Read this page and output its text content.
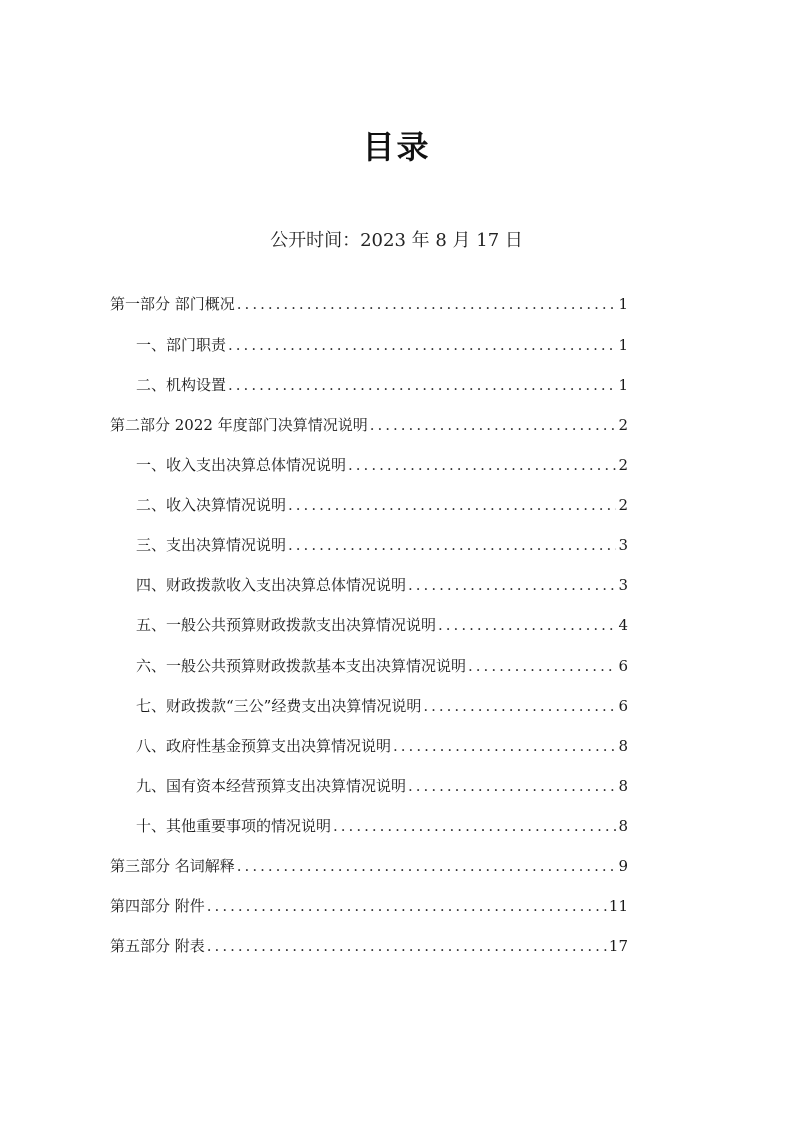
目录
公开时间：2023 年 8 月 17 日
第一部分 部门概况 .....	1
一、部门职责 .....	1
二、机构设置 .....	1
第二部分 2022 年度部门决算情况说明 .....	2
一、收入支出决算总体情况说明 .....	2
二、收入决算情况说明 .....	2
三、支出决算情况说明 .....	3
四、财政拨款收入支出决算总体情况说明 .....	3
五、一般公共预算财政拨款支出决算情况说明 .....	4
六、一般公共预算财政拨款基本支出决算情况说明 .....	6
七、财政拨款“三公”经费支出决算情况说明 .....	6
八、政府性基金预算支出决算情况说明 .....	8
九、国有资本经营预算支出决算情况说明 .....	8
十、其他重要事项的情况说明 .....	8
第三部分 名词解释 .....	9
第四部分 附件 .....	11
第五部分 附表 .....	17
